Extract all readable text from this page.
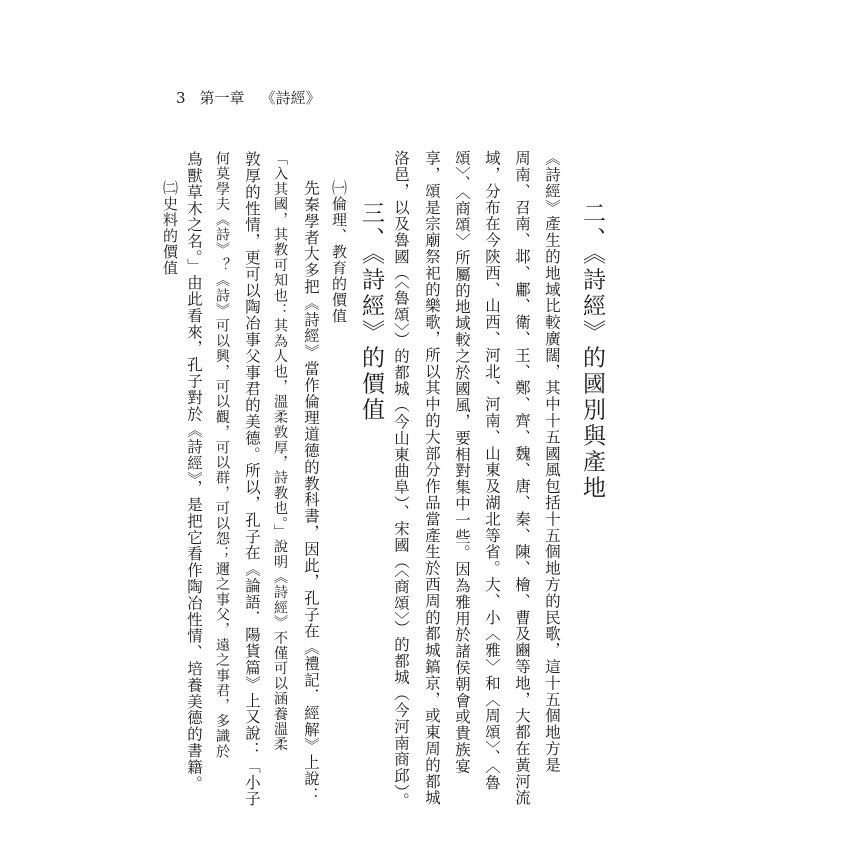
3 第一章 《詩經》
二、《詩經》的國別與產地
《詩經》產生的地域比較廣闊，其中十五國風包括十五個地方的民歌，這十五個地方是
周南、召南、邶、鄘、衛、王、鄭、齊、魏、唐、秦、陳、檜、曹及豳等地，大都在黃河流
域，分布在今陝西、山西、河北、河南、山東及湖北等省。大、小〈雅〉和〈周頌〉、〈魯
頌〉、〈商頌〉所屬的地域較之於國風，要相對集中一些。因為雅用於諸侯朝會或貴族宴
享，頌是宗廟祭祀的樂歌，所以其中的大部分作品當產生於西周的都城鎬京，或東周的都城
洛邑，以及魯國（〈魯頌〉）的都城（今山東曲阜）、宋國（〈商頌〉）的都城（今河南商邱）。
三、《詩經》的價值
㈠倫理、教育的價值
先秦學者大多把《詩經》當作倫理道德的教科書，因此，孔子在《禮記．經解》上說：
「入其國，其教可知也：其為人也，溫柔敦厚，詩教也。」說明《詩經》不僅可以涵養溫柔
敦厚的性情，更可以陶冶事父事君的美德。所以，孔子在《論語．陽貨篇》上又說：「小子
何莫學夫《詩》？《詩》可以興，可以觀，可以群，可以怨；邇之事父，遠之事君，多識於
鳥獸草木之名。」由此看來，孔子對於《詩經》，是把它看作陶冶性情、培養美德的書籍。
㈡史料的價值
